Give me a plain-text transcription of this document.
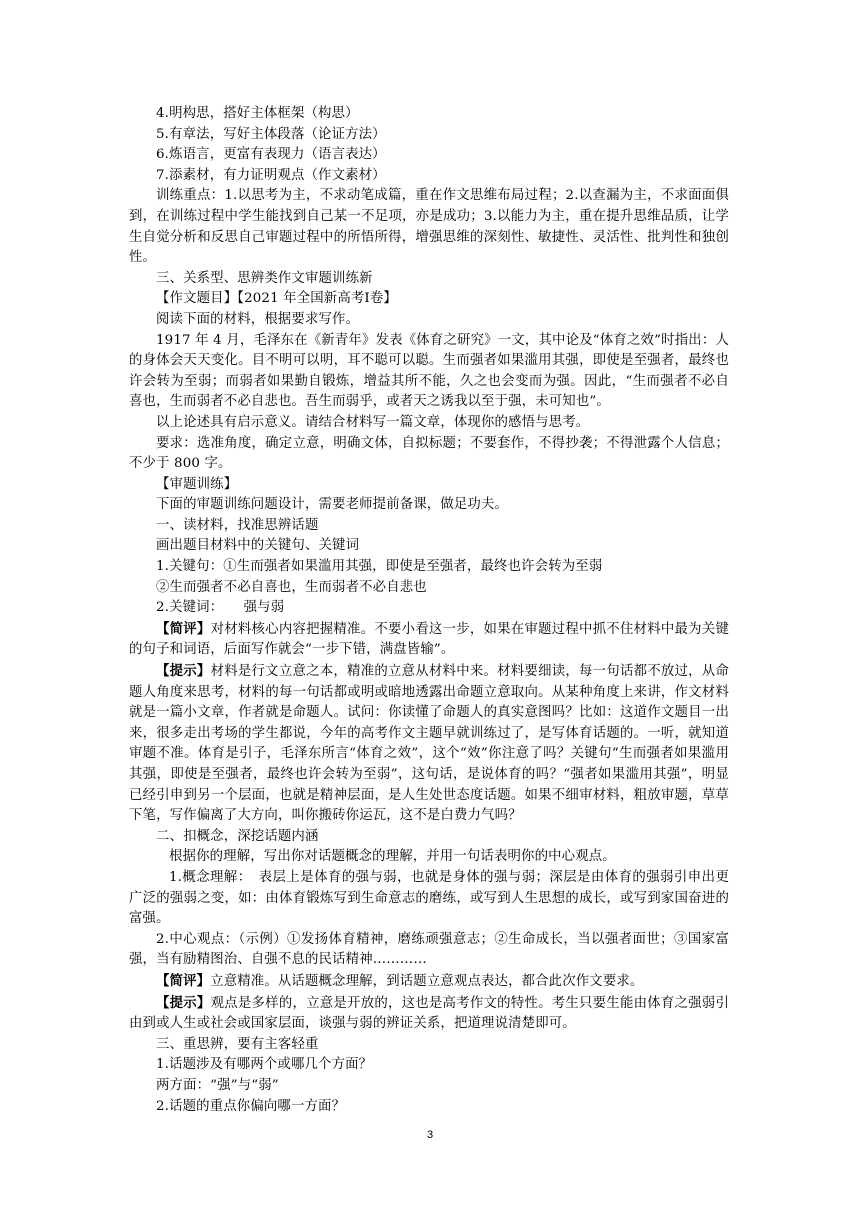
4.明构思，搭好主体框架（构思）

5.有章法，写好主体段落（论证方法）

6.炼语言，更富有表现力（语言表达）

7.添素材，有力证明观点（作文素材）

训练重点：1.以思考为主，不求动笔成篇，重在作文思维布局过程；2.以查漏为主，不求面面俱到，在训练过程中学生能找到自己某一不足项，亦是成功；3.以能力为主，重在提升思维品质，让学生自觉分析和反思自己审题过程中的所悟所得，增强思维的深刻性、敏捷性、灵活性、批判性和独创性。

三、关系型、思辨类作文审题训练新

【作文题目】【2021 年全国新高考Ⅰ卷】

阅读下面的材料，根据要求写作。

1917 年 4 月，毛泽东在《新青年》发表《体育之研究》一文，其中论及“体育之效”时指出：人的身体会天天变化。目不明可以明，耳不聪可以聪。生而强者如果滥用其强，即使是至强者，最终也许会转为至弱；而弱者如果勤自锻炼，增益其所不能，久之也会变而为强。因此，“生而强者不必自喜也，生而弱者不必自悲也。吾生而弱乎，或者天之诱我以至于强，未可知也”。

以上论述具有启示意义。请结合材料写一篇文章，体现你的感悟与思考。

要求：选准角度，确定立意，明确文体，自拟标题；不要套作，不得抄袭；不得泄露个人信息；不少于 800 字。

【审题训练】

下面的审题训练问题设计，需要老师提前备课，做足功夫。

一、读材料，找准思辨话题

画出题目材料中的关键句、关键词

1.关键句：①生而强者如果滥用其强，即使是至强者，最终也许会转为至弱

②生而强者不必自喜也，生而弱者不必自悲也

2.关键词：　　强与弱

【简评】对材料核心内容把握精准。不要小看这一步，如果在审题过程中抓不住材料中最为关键的句子和词语，后面写作就会“一步下错，满盘皆输”。

【提示】材料是行文立意之本，精准的立意从材料中来。材料要细读，每一句话都不放过，从命题人角度来思考，材料的每一句话都或明或暗地透露出命题立意取向。从某种角度上来讲，作文材料就是一篇小文章，作者就是命题人。试问：你读懂了命题人的真实意图吗？比如：这道作文题目一出来，很多走出考场的学生都说，今年的高考作文主题早就训练过了，是写体育话题的。一听，就知道审题不准。体育是引子，毛泽东所言“体育之效”，这个“效”你注意了吗？关键句“生而强者如果滥用其强，即使是至强者，最终也许会转为至弱”，这句话，是说体育的吗？“强者如果滥用其强”，明显已经引申到另一个层面，也就是精神层面，是人生处世态度话题。如果不细审材料，粗放审题，草草下笔，写作偏离了大方向，叫你搬砖你运瓦，这不是白费力气吗？

二、扣概念，深挖话题内涵

根据你的理解，写出你对话题概念的理解，并用一句话表明你的中心观点。

1.概念理解：　表层上是体育的强与弱，也就是身体的强与弱；深层是由体育的强弱引申出更广泛的强弱之变，如：由体育锻炼写到生命意志的磨练，或写到人生思想的成长，或写到家国奋进的富强。

2.中心观点：（示例）①发扬体育精神，磨练顽强意志；②生命成长，当以强者面世；③国家富强，当有励精图治、自强不息的民话精神…………

【简评】立意精准。从话题概念理解，到话题立意观点表达，都合此次作文要求。

【提示】观点是多样的，立意是开放的，这也是高考作文的特性。考生只要生能由体育之强弱引由到或人生或社会或国家层面，谈强与弱的辨证关系，把道理说清楚即可。

三、重思辨，要有主客轻重

1.话题涉及有哪两个或哪几个方面？

两方面：“强”与“弱”

2.话题的重点你偏向哪一方面？

3
